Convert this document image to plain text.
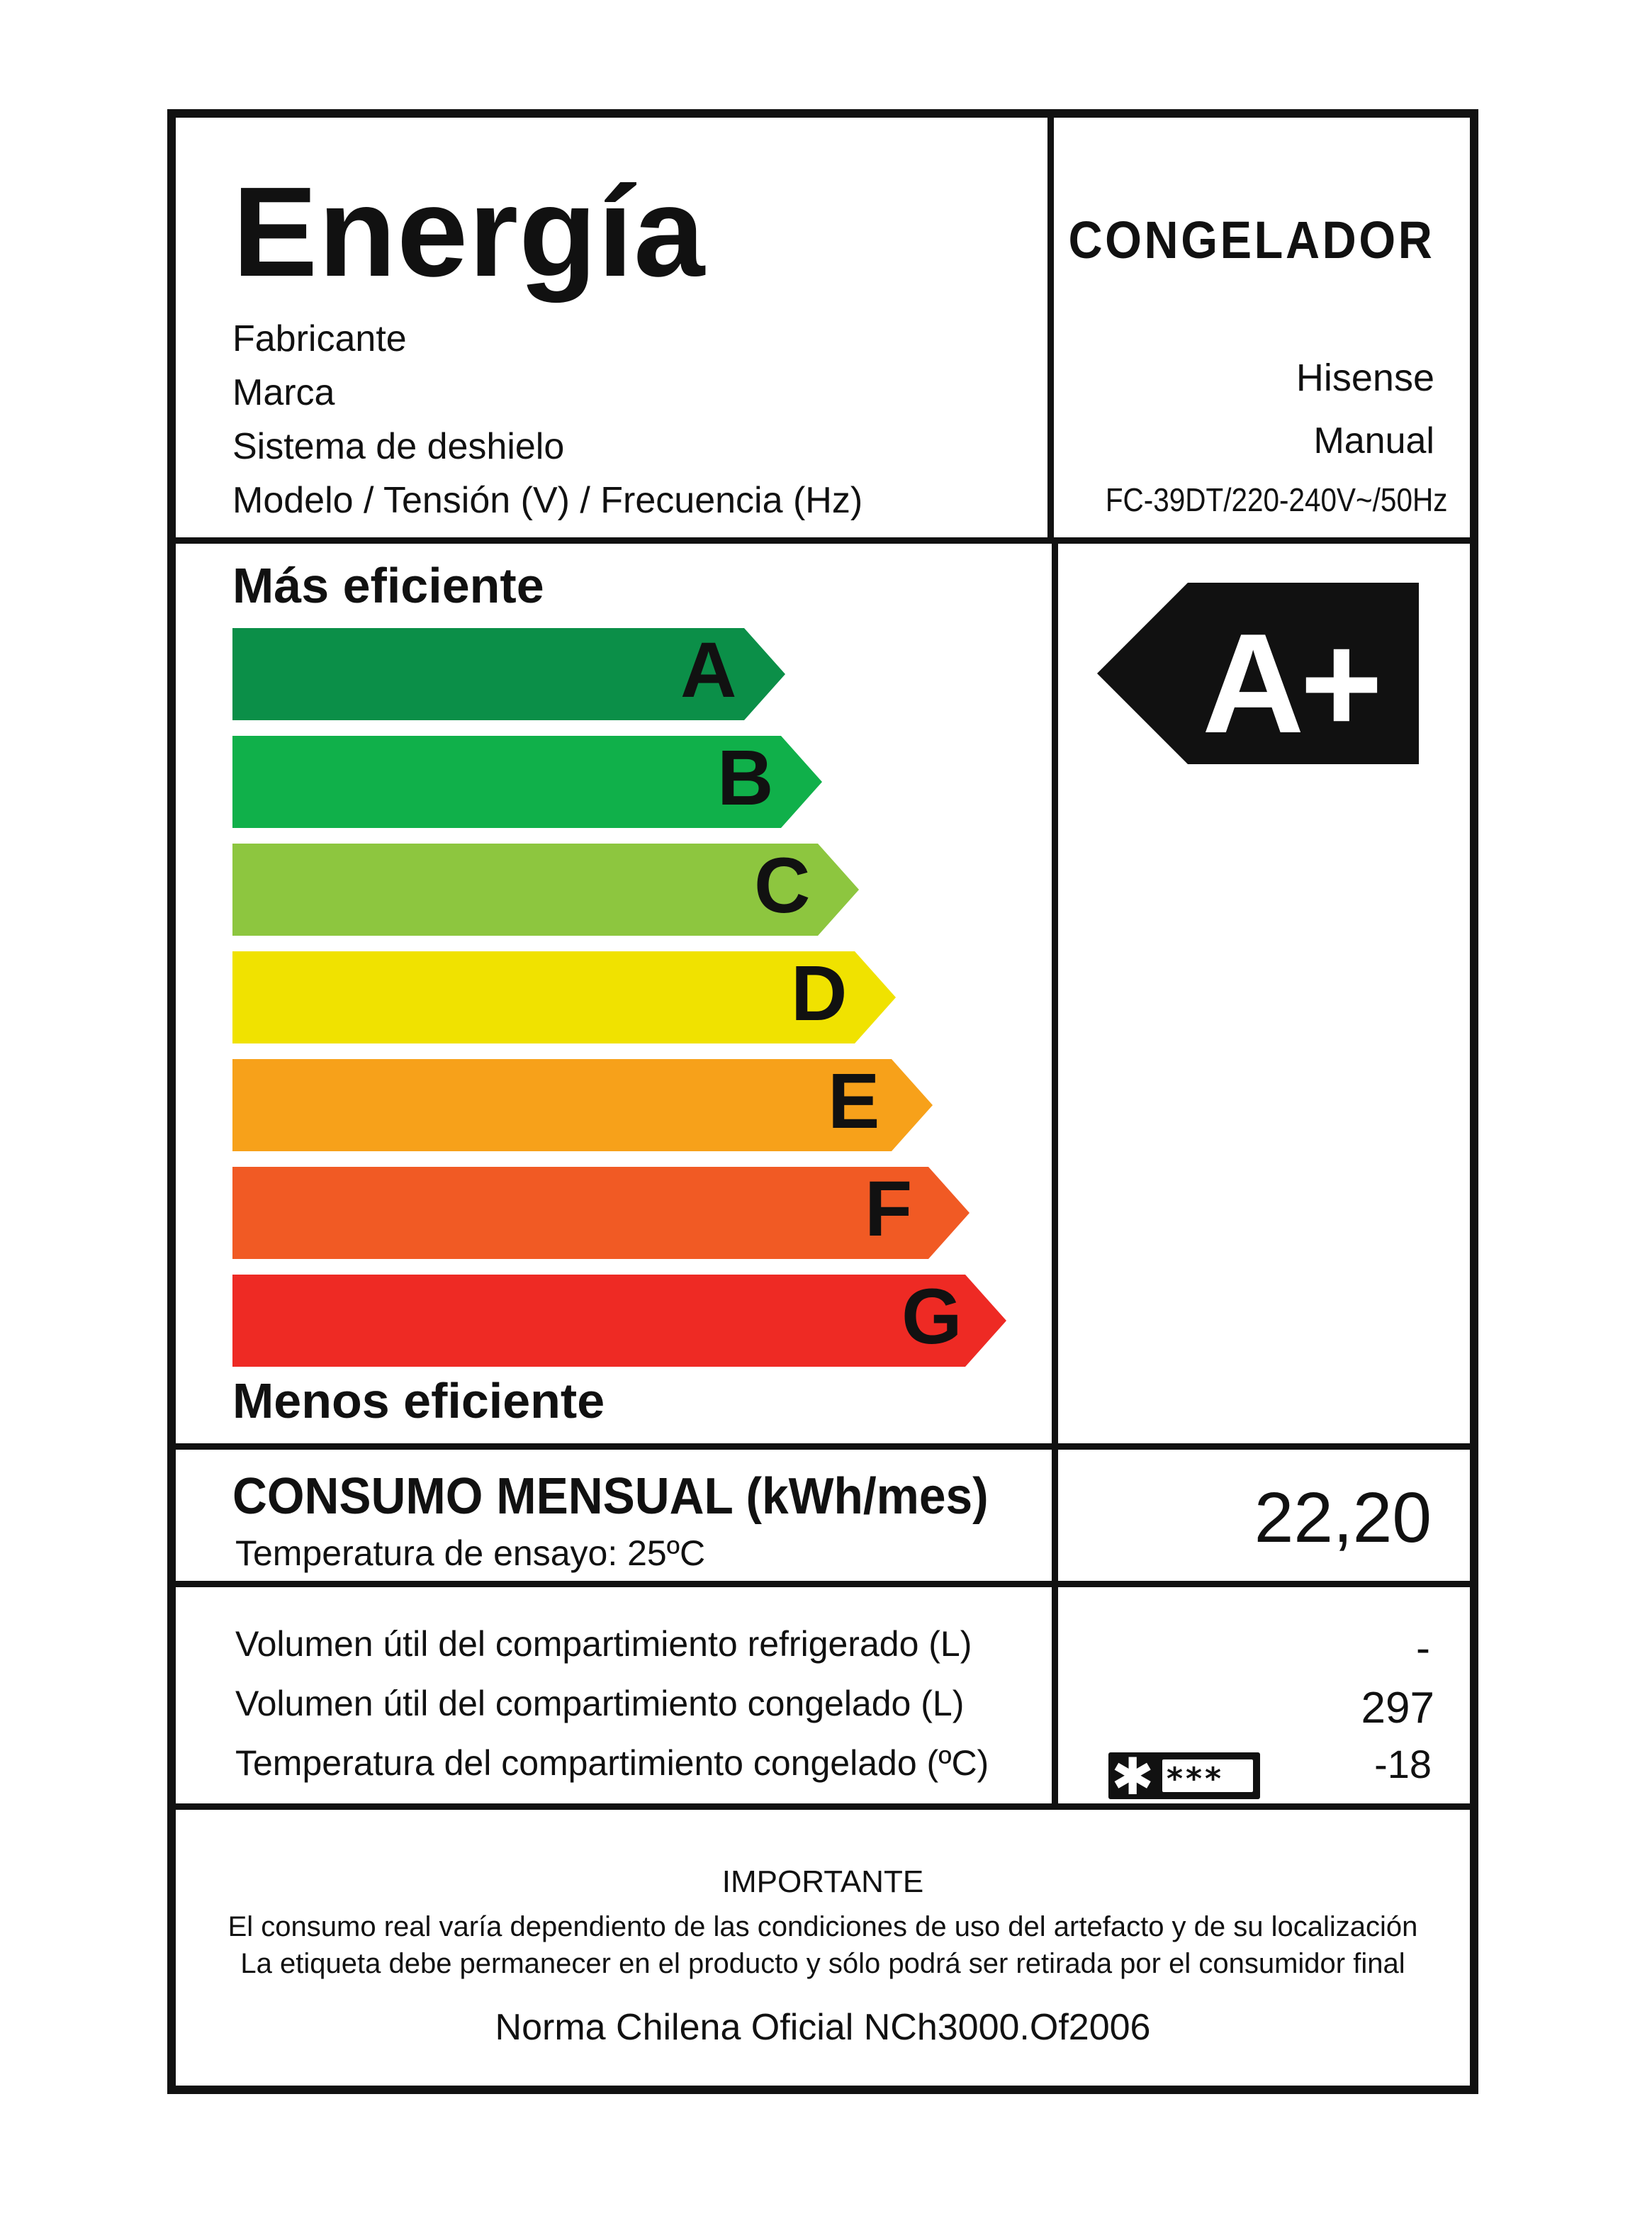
Energía	CONGELADOR
Fabricante
Marca
Sistema de deshielo
Modelo / Tensión (V) / Frecuencia (Hz)
Hisense
Manual
FC-39DT/220-240V~/50Hz
Más eficiente
A
B
C
D
E
F
G
Menos eficiente
A+
CONSUMO MENSUAL (kWh/mes)
Temperatura de ensayo: 25ºC	22,20
Volumen útil del compartimiento refrigerado (L)
Volumen útil del compartimiento congelado (L)
Temperatura del compartimiento congelado (ºC)
-
297
-18
✱ ***
IMPORTANTE
El consumo real varía dependiento de las condiciones de uso del artefacto y de su localización
La etiqueta debe permanecer en el producto y sólo podrá ser retirada por el consumidor final
Norma Chilena Oficial NCh3000.Of2006
